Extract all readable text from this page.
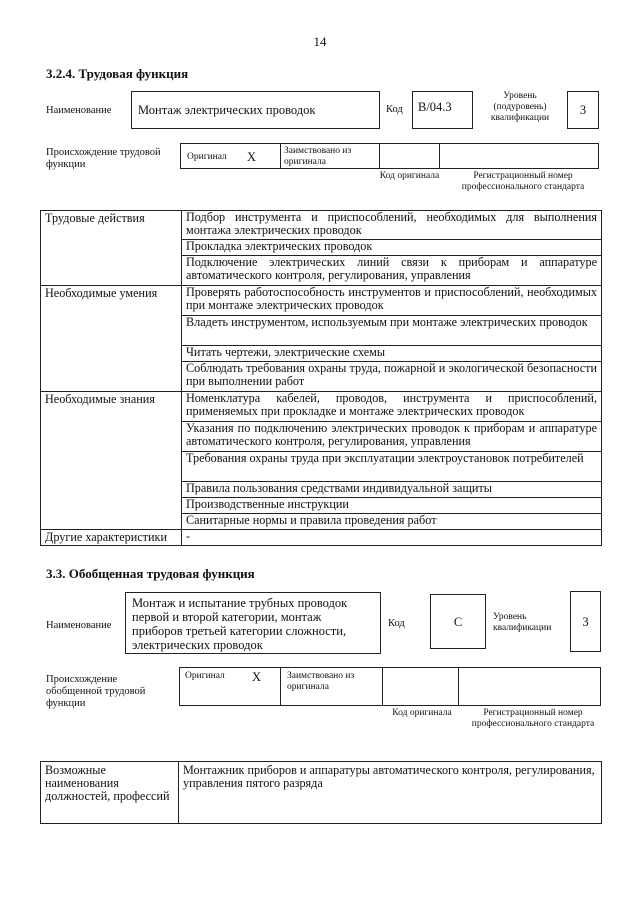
14
3.2.4. Трудовая функция
Наименование	Монтаж электрических проводок	Код	B/04.3
Уровень (подуровень) квалификации
3
Происхождение трудовой функции
Оригинал X	Заимствовано из оригинала
Код оригинала	Регистрационный номер профессионального стандарта
Трудовые действия	Подбор инструмента и приспособлений, необходимых для выполнения монтажа электрических проводок
	Прокладка электрических проводок
	Подключение электрических линий связи к приборам и аппаратуре автоматического контроля, регулирования, управления
Необходимые умения	Проверять работоспособность инструментов и приспособлений, необходимых при монтаже электрических проводок
	Владеть инструментом, используемым при монтаже электрических проводок
	Читать чертежи, электрические схемы
	Соблюдать требования охраны труда, пожарной и экологической безопасности при выполнении работ
Необходимые знания	Номенклатура кабелей, проводов, инструмента и приспособлений, применяемых при прокладке и монтаже электрических проводок
	Указания по подключению электрических проводок к приборам и аппаратуре автоматического контроля, регулирования, управления
	Требования охраны труда при эксплуатации электроустановок потребителей
	Правила пользования средствами индивидуальной защиты
	Производственные инструкции
	Санитарные нормы и правила проведения работ
Другие характеристики	-
3.3. Обобщенная трудовая функция
Наименование
Монтаж и испытание трубных проводок первой и второй категории, монтаж приборов третьей категории сложности, электрических проводок
Код	C	Уровень квалификации	3
Происхождение обобщенной трудовой функции
Оригинал X	Заимствовано из оригинала
Код оригинала	Регистрационный номер профессионального стандарта
Возможные наименования должностей, профессий	Монтажник приборов и аппаратуры автоматического контроля, регулирования, управления пятого разряда
